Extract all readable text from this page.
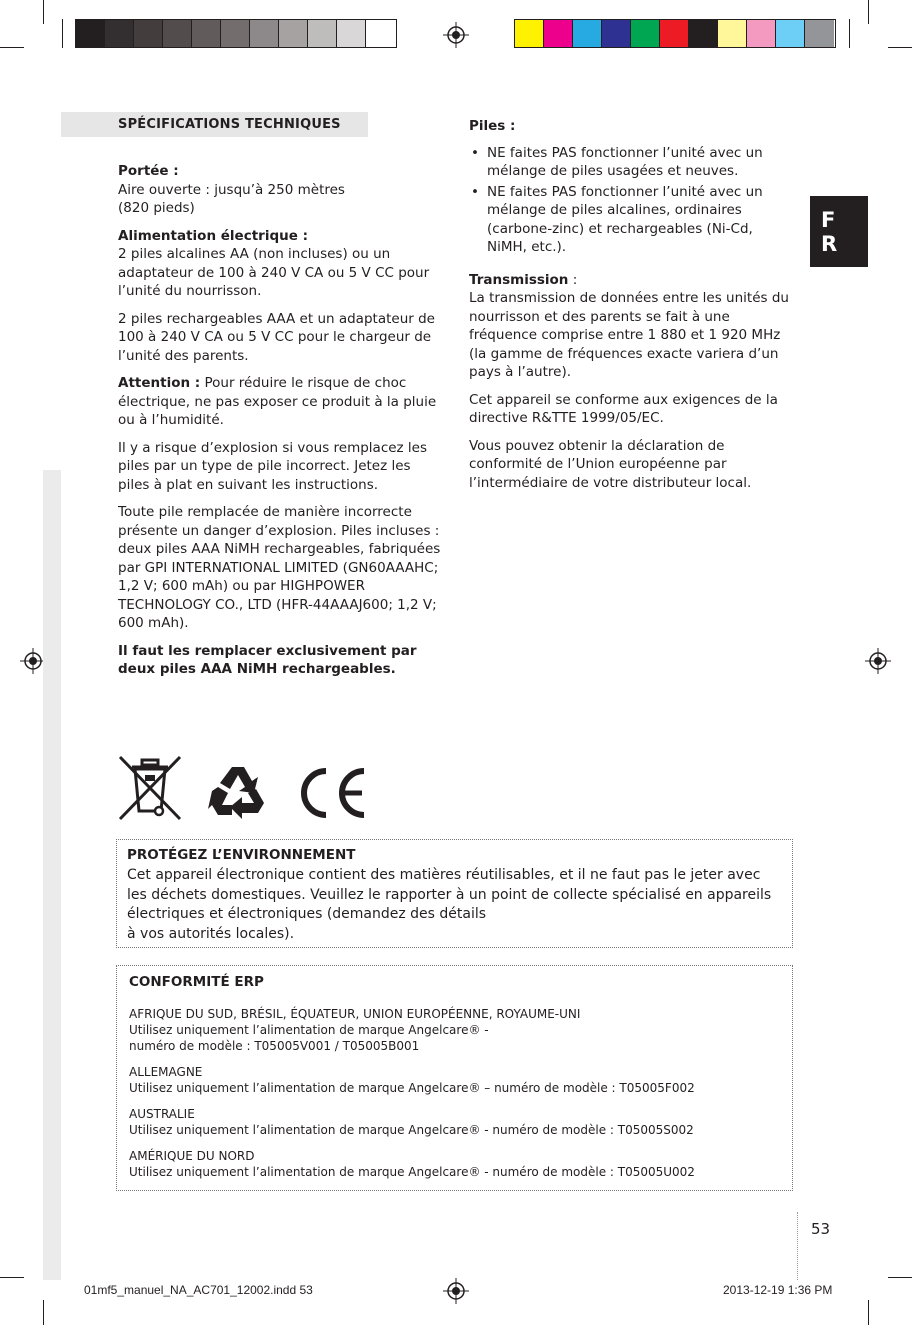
SPÉCIFICATIONS TECHNIQUES

Portée :
Aire ouverte : jusqu’à 250 mètres
(820 pieds)

Alimentation électrique :
2 piles alcalines AA (non incluses) ou un adaptateur de 100 à 240 V CA ou 5 V CC pour l’unité du nourrisson.

2 piles rechargeables AAA et un adaptateur de 100 à 240 V CA ou 5 V CC pour le chargeur de l’unité des parents.

Attention : Pour réduire le risque de choc électrique, ne pas exposer ce produit à la pluie ou à l’humidité.

Il y a risque d’explosion si vous remplacez les piles par un type de pile incorrect. Jetez les piles à plat en suivant les instructions.

Toute pile remplacée de manière incorrecte présente un danger d’explosion. Piles incluses : deux piles AAA NiMH rechargeables, fabriquées par GPI INTERNATIONAL LIMITED (GN60AAAHC; 1,2 V; 600 mAh) ou par HIGHPOWER TECHNOLOGY CO., LTD (HFR-44AAAJ600; 1,2 V; 600 mAh).

Il faut les remplacer exclusivement par deux piles AAA NiMH rechargeables.

Piles :

• NE faites PAS fonctionner l’unité avec un mélange de piles usagées et neuves.
• NE faites PAS fonctionner l’unité avec un mélange de piles alcalines, ordinaires (carbone-zinc) et rechargeables (Ni-Cd, NiMH, etc.).

Transmission :
La transmission de données entre les unités du nourrisson et des parents se fait à une fréquence comprise entre 1 880 et 1 920 MHz (la gamme de fréquences exacte variera d’un pays à l’autre).

Cet appareil se conforme aux exigences de la directive R&TTE 1999/05/EC.

Vous pouvez obtenir la déclaration de conformité de l’Union européenne par l’intermédiaire de votre distributeur local.

F
R
PROTÉGEZ L’ENVIRONNEMENT
Cet appareil électronique contient des matières réutilisables, et il ne faut pas le jeter avec les déchets domestiques. Veuillez le rapporter à un point de collecte spécialisé en appareils électriques et électroniques (demandez des détails
à vos autorités locales).
CONFORMITÉ ERP

AFRIQUE DU SUD, BRÉSIL, ÉQUATEUR, UNION EUROPÉENNE, ROYAUME-UNI
Utilisez uniquement l’alimentation de marque Angelcare® -
numéro de modèle : T05005V001 / T05005B001

ALLEMAGNE
Utilisez uniquement l’alimentation de marque Angelcare® – numéro de modèle : T05005F002

AUSTRALIE
Utilisez uniquement l’alimentation de marque Angelcare® - numéro de modèle : T05005S002

AMÉRIQUE DU NORD
Utilisez uniquement l’alimentation de marque Angelcare® - numéro de modèle : T05005U002

53
01mf5_manuel_NA_AC701_12002.indd 53	2013-12-19 1:36 PM
